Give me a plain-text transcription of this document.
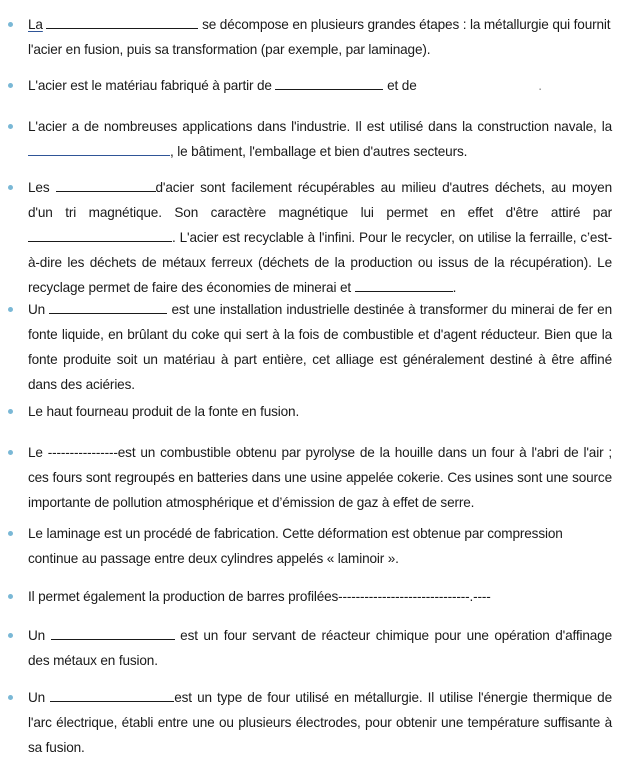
La	se décompose en plusieurs grandes étapes : la métallurgie qui fournit l'acier en fusion, puis sa transformation (par exemple, par laminage).
L'acier est le matériau fabriqué à partir de	et de	.
L'acier a de nombreuses applications dans l'industrie. Il est utilisé dans la construction navale, la , le bâtiment, l'emballage et bien d'autres secteurs.
Les	d'acier sont facilement récupérables au milieu d'autres déchets, au moyen d'un tri magnétique. Son caractère magnétique lui permet en effet d'être attiré par . L'acier est recyclable à l'infini. Pour le recycler, on utilise la ferraille, c’est-à-dire les déchets de métaux ferreux (déchets de la production ou issus de la récupération). Le recyclage permet de faire des économies de minerai et	.
Un	est une installation industrielle destinée à transformer du minerai de fer en fonte liquide, en brûlant du coke qui sert à la fois de combustible et d'agent réducteur. Bien que la fonte produite soit un matériau à part entière, cet alliage est généralement destiné à être affiné dans des aciéries.
Le haut fourneau produit de la fonte en fusion.
Le ----------------est un combustible obtenu par pyrolyse de la houille dans un four à l'abri de l'air ; ces fours sont regroupés en batteries dans une usine appelée cokerie. Ces usines sont une source importante de pollution atmosphérique et d’émission de gaz à effet de serre.
Le laminage est un procédé de fabrication. Cette déformation est obtenue par compression continue au passage entre deux cylindres appelés « laminoir ».
Il permet également la production de barres profilées------------------------------.----
Un	est un four servant de réacteur chimique pour une opération d'affinage des métaux en fusion.
Un	est un type de four utilisé en métallurgie. Il utilise l'énergie thermique de l'arc électrique, établi entre une ou plusieurs électrodes, pour obtenir une température suffisante à sa fusion.
